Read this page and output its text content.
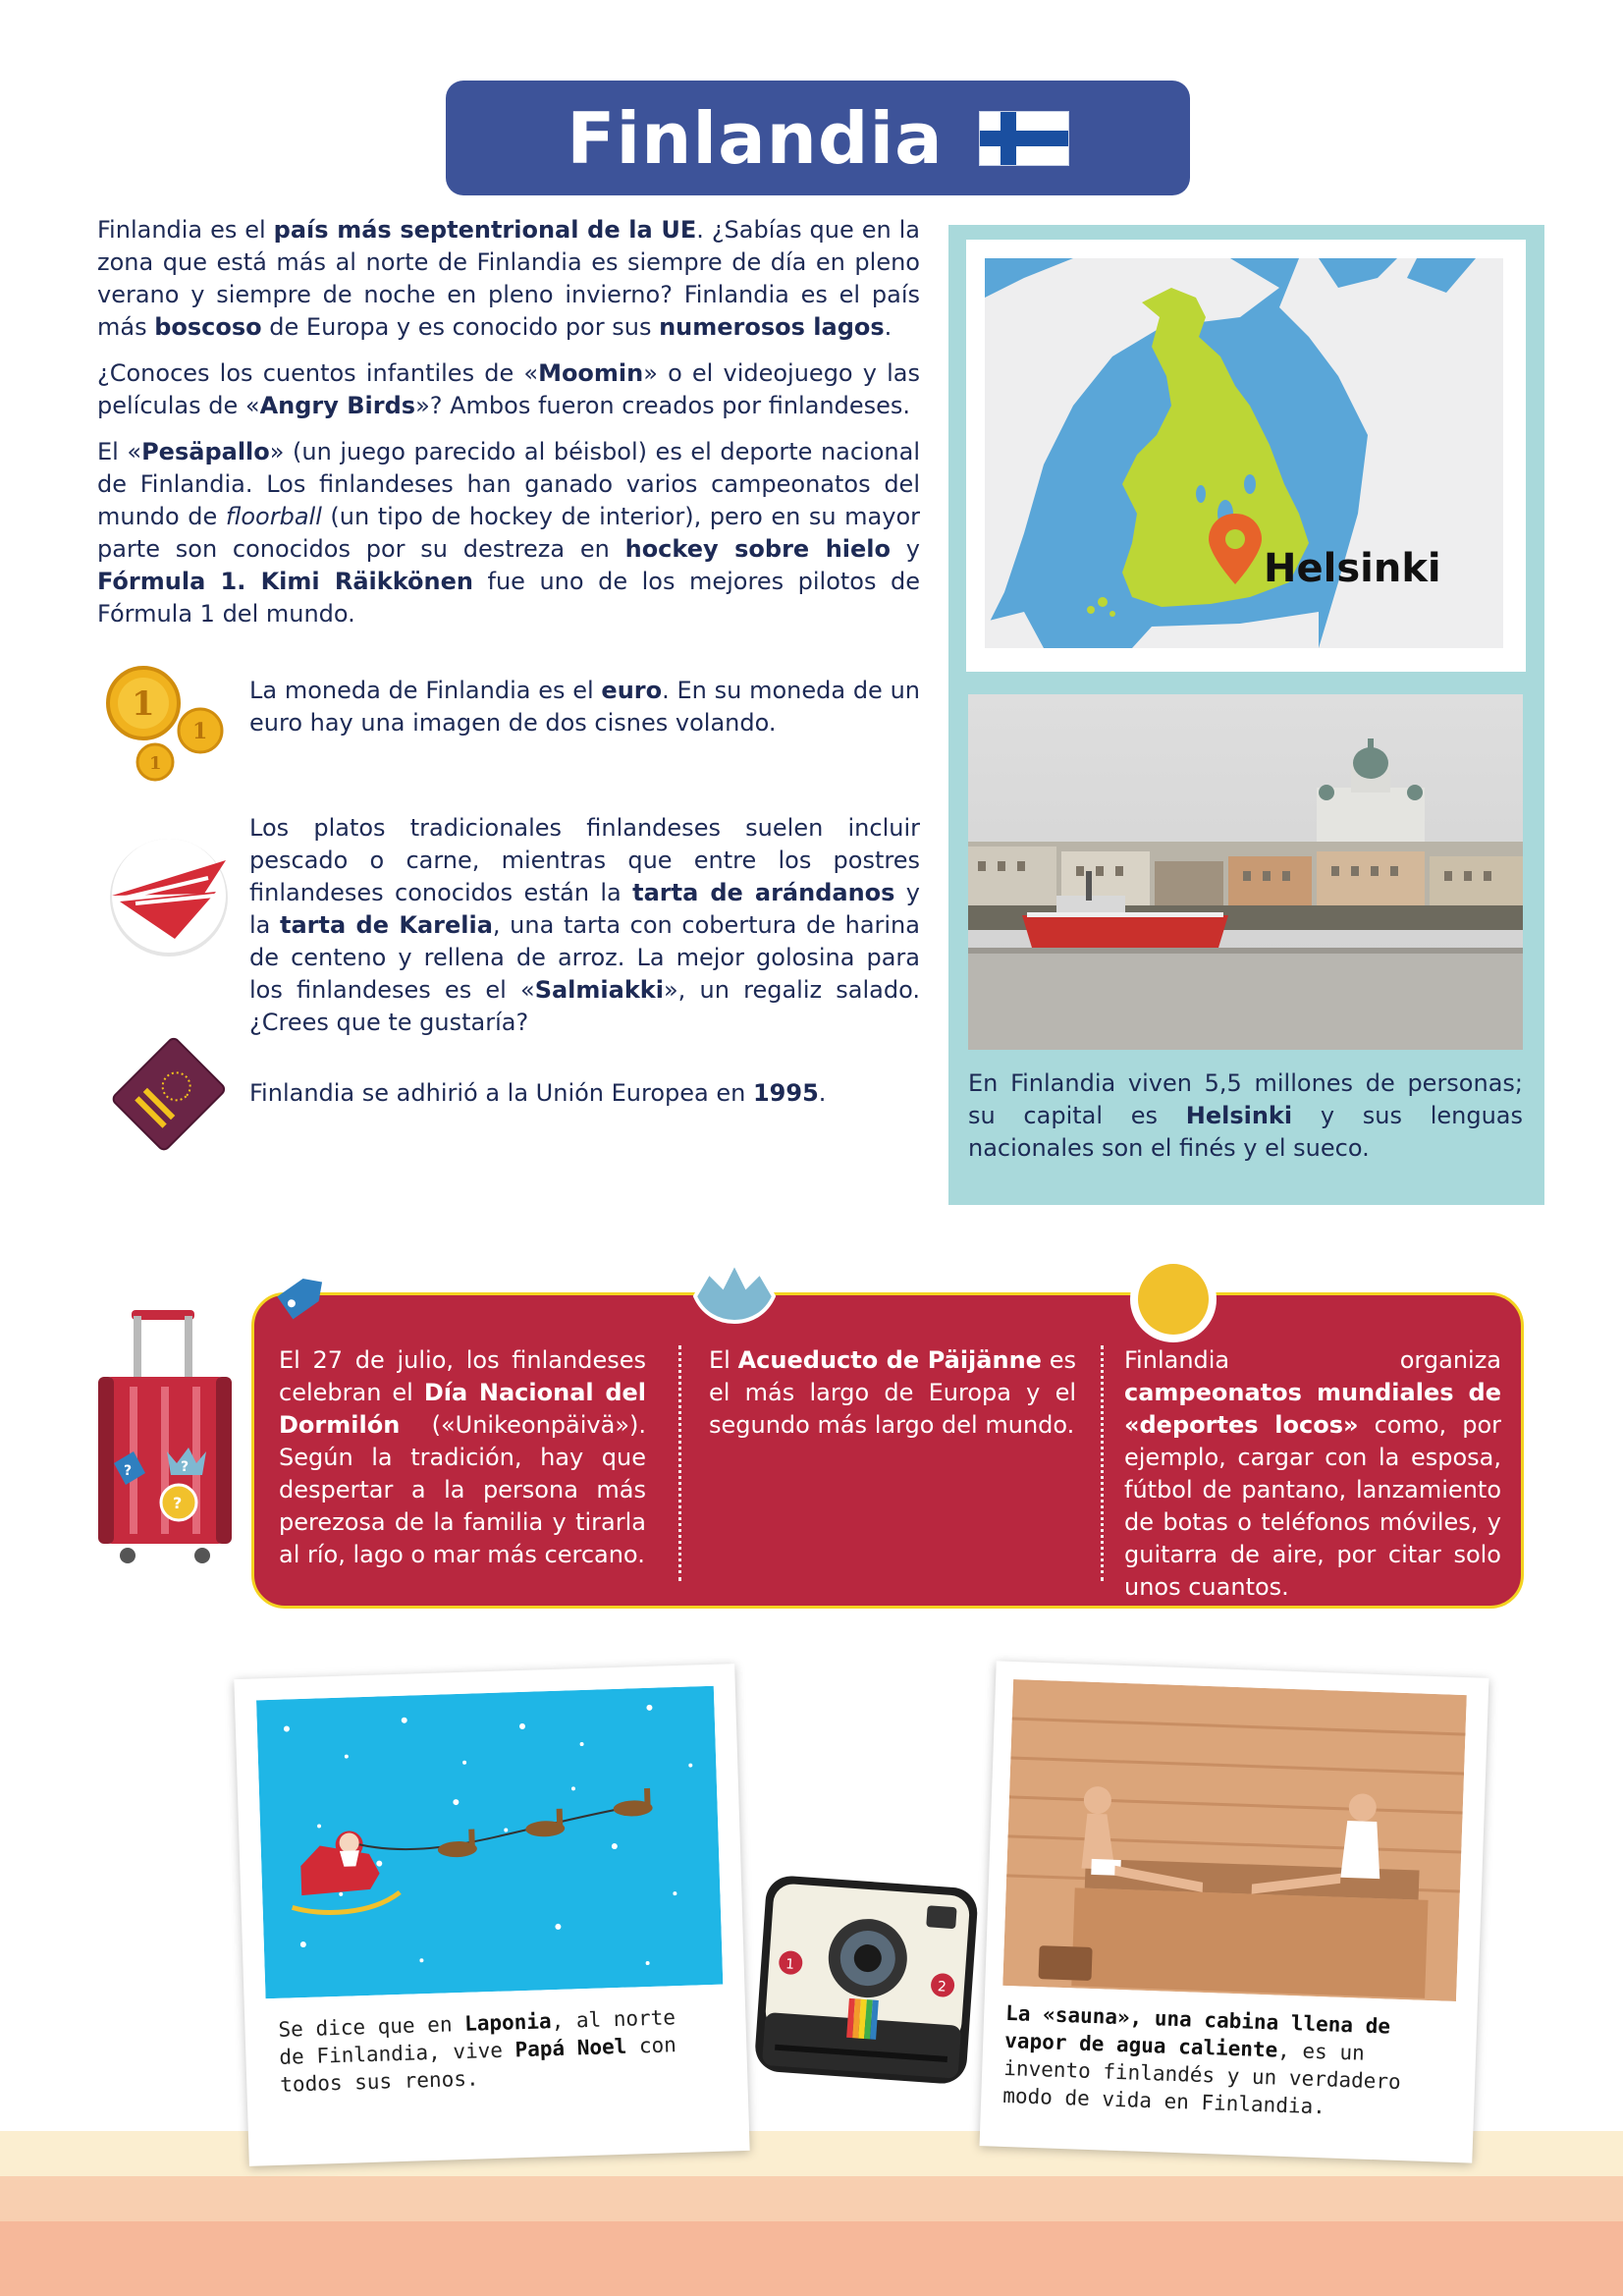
Finlandia

Finlandia es el país más septentrional de la UE. ¿Sabías que en la zona que está más al norte de Finlandia es siempre de día en pleno verano y siempre de noche en pleno invierno? Finlandia es el país más boscoso de Europa y es conocido por sus numerosos lagos.

¿Conoces los cuentos infantiles de «Moomin» o el videojuego y las películas de «Angry Birds»? Ambos fueron creados por finlandeses.

El «Pesäpallo» (un juego parecido al béisbol) es el deporte nacional de Finlandia. Los finlandeses han ganado varios campeonatos del mundo de floorball (un tipo de hockey de interior), pero en su mayor parte son conocidos por su destreza en hockey sobre hielo y Fórmula 1. Kimi Räikkönen fue uno de los mejores pilotos de Fórmula 1 del mundo.

Helsinki
En Finlandia viven 5,5 millones de personas; su capital es Helsinki y sus lenguas nacionales son el finés y el sueco.
1
1
1
La moneda de Finlandia es el euro. En su moneda de un euro hay una imagen de dos cisnes volando.
Los platos tradicionales finlandeses suelen incluir pescado o carne, mientras que entre los postres finlandeses conocidos están la tarta de arándanos y la tarta de Karelia, una tarta con cobertura de harina de centeno y rellena de arroz. La mejor golosina para los finlandeses es el «Salmiakki», un regaliz salado. ¿Crees que te gustaría?
Finlandia se adhirió a la Unión Europea en 1995.
?	?
?
El 27 de julio, los finlandeses celebran el Día Nacional del Dormilón («Unikeonpäivä»). Según la tradición, hay que despertar a la persona más perezosa de la familia y tirarla al río, lago o mar más cercano.
El Acueducto de Päijänne es el más largo de Europa y el segundo más largo del mundo.
Finlandia organiza campeonatos mundiales de «deportes locos» como, por ejemplo, cargar con la esposa, fútbol de pantano, lanzamiento de botas o teléfonos móviles, y guitarra de aire, por citar solo unos cuantos.
Se dice que en Laponia, al norte de Finlandia, vive Papá Noel con todos sus renos.
La «sauna», una cabina llena de vapor de agua caliente, es un invento finlandés y un verdadero modo de vida en Finlandia.
1
2
